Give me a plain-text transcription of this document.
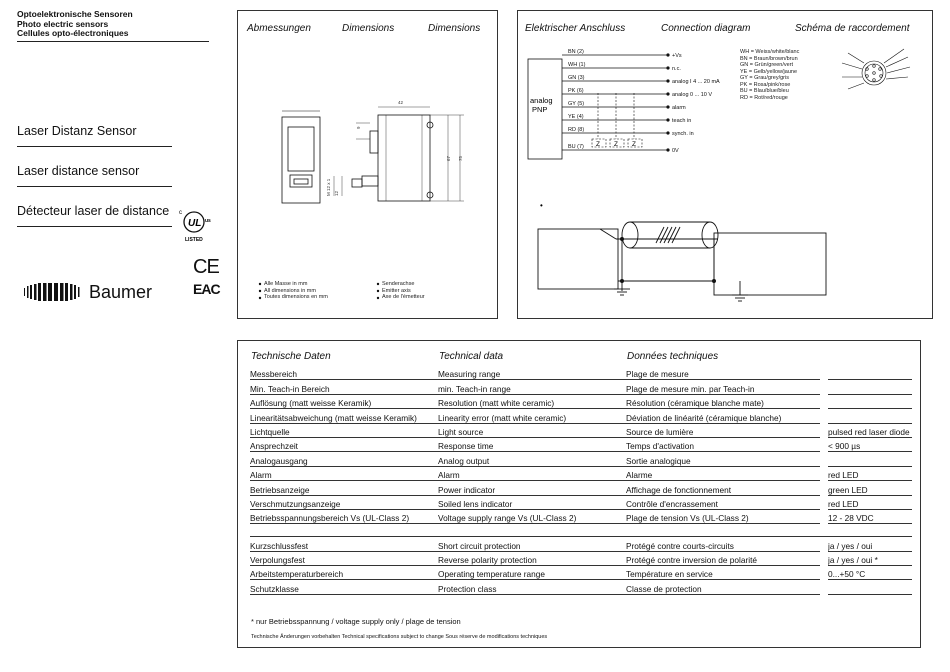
Optoelektronische Sensoren
Photo electric sensors
Cellules opto-électroniques
Laser Distanz Sensor
Laser distance sensor
Détecteur laser de distance
UL us
c
LISTED
CE
EAC
Baumer
Abmessungen	Dimensions	Dimensions
67 75
12
M 12 x 1
9
42
Alle Masse in mm
All dimensions in mm
Toutes dimensions en mm
Senderachse
Emitter axis
Axe de l'émetteur
Elektrischer Anschluss	Connection diagram	Schéma de raccordement
WH = Weiss/white/blanc
BN = Braun/brown/brun
GN = Grün/green/vert
YE = Gelb/yellow/jaune
GY = Grau/grey/gris
PK = Rosa/pink/rose
BU = Blau/blue/bleu
RD = Rot/red/rouge
analog
PNP
BN (2)
+Vs
WH (1)
n.c.
GN (3)
analog I 4 ... 20 mA
PK (6)
analog 0 ... 10 V
GY (5)
alarm
YE (4)
teach in
RD (8)
synch. in
BU (7)
0V
Z Z Z
•
Technische Daten	Technical data	Données techniques
* nur Betriebsspannung / voltage supply only / plage de tension
Technische Änderungen vorbehalten Technical specifications subject to change Sous réserve de modifications techniques
Messbereich	Measuring range	Plage de mesure		
Min. Teach-in Bereich	min. Teach-in range	Plage de mesure min. par Teach-in		
Auflösung (matt weisse Keramik)	Resolution (matt white ceramic)	Résolution (céramique blanche mate)		
Linearitätsabweichung (matt weisse Keramik)	Linearity error (matt white ceramic)	Déviation de linéarité (céramique blanche)		
Lichtquelle	Light source	Source de lumière		pulsed red laser diode
Ansprechzeit	Response time	Temps d'activation		< 900 µs
Analogausgang	Analog output	Sortie analogique		
Alarm	Alarm	Alarme		red LED
Betriebsanzeige	Power indicator	Affichage de fonctionnement		green LED
Verschmutzungsanzeige	Soiled lens indicator	Contrôle d'encrassement		red LED
Betriebsspannungsbereich Vs (UL-Class 2)	Voltage supply range Vs (UL-Class 2)	Plage de tension Vs (UL-Class 2)		12 - 28 VDC

Kurzschlussfest	Short circuit protection	Protégé contre courts-circuits		ja / yes / oui
Verpolungsfest	Reverse polarity protection	Protégé contre inversion de polarité		ja / yes / oui *
Arbeitstemperaturbereich	Operating temperature range	Température en service		0...+50 °C
Schutzklasse	Protection class	Classe de protection		
